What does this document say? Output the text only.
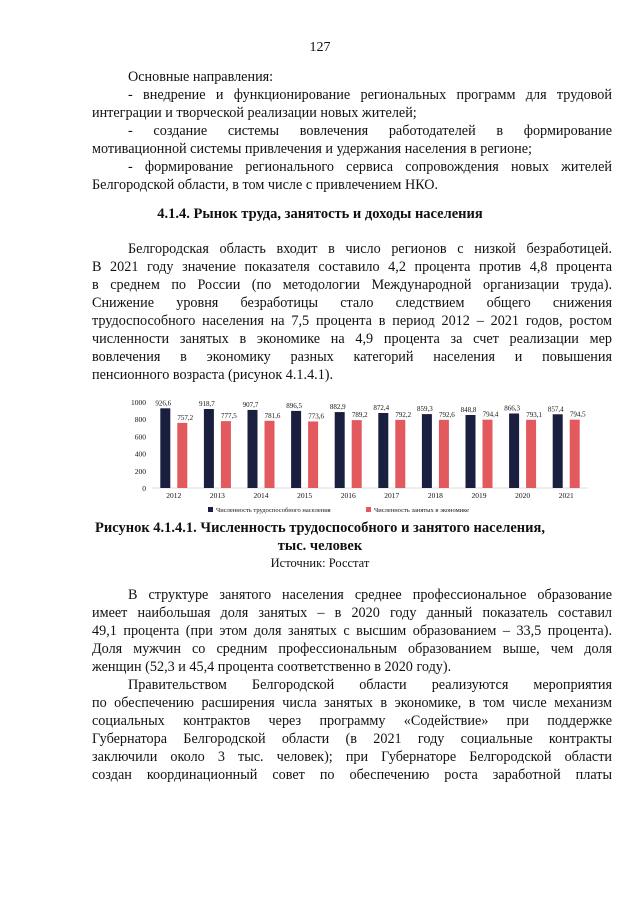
127
Основные направления:
- внедрение и функционирование региональных программ для трудовой
интеграции и творческой реализации новых жителей;
- создание системы вовлечения работодателей в формирование
мотивационной системы привлечения и удержания населения в регионе;
- формирование регионального сервиса сопровождения новых жителей
Белгородской области, в том числе с привлечением НКО.
4.1.4. Рынок труда, занятость и доходы населения
Белгородская область входит в число регионов с низкой безработицей.
В 2021 году значение показателя составило 4,2 процента против 4,8 процента
в среднем по России (по методологии Международной организации труда).
Снижение уровня безработицы стало следствием общего снижения
трудоспособного населения на 7,5 процента в период 2012 – 2021 годов, ростом
численности занятых в экономике на 4,9 процента за счет реализации мер
вовлечения в экономику разных категорий населения и повышения
пенсионного возраста (рисунок 4.1.4.1).
0
200
400
600
800
1000 926,6
757,2
2012
918,7
777,5
2013
907,7
781,6
2014
896,5
773,6
2015
882,9
789,2
2016
872,4
792,2
2017
859,3
792,6
2018
848,8
794,4
2019
866,3
793,1
2020
857,4
794,5
2021
Численность трудоспособного населения	Численность занятых в экономике
Рисунок 4.1.4.1. Численность трудоспособного и занятого населения,
тыс. человек
Источник: Росстат
В структуре занятого населения среднее профессиональное образование
имеет наибольшая доля занятых – в 2020 году данный показатель составил
49,1 процента (при этом доля занятых с высшим образованием – 33,5 процента).
Доля мужчин со средним профессиональным образованием выше, чем доля
женщин (52,3 и 45,4 процента соответственно в 2020 году).
Правительством Белгородской области реализуются мероприятия
по обеспечению расширения числа занятых в экономике, в том числе механизм
социальных контрактов через программу «Содействие» при поддержке
Губернатора Белгородской области (в 2021 году социальные контракты
заключили около 3 тыс. человек); при Губернаторе Белгородской области
создан координационный совет по обеспечению роста заработной платы
